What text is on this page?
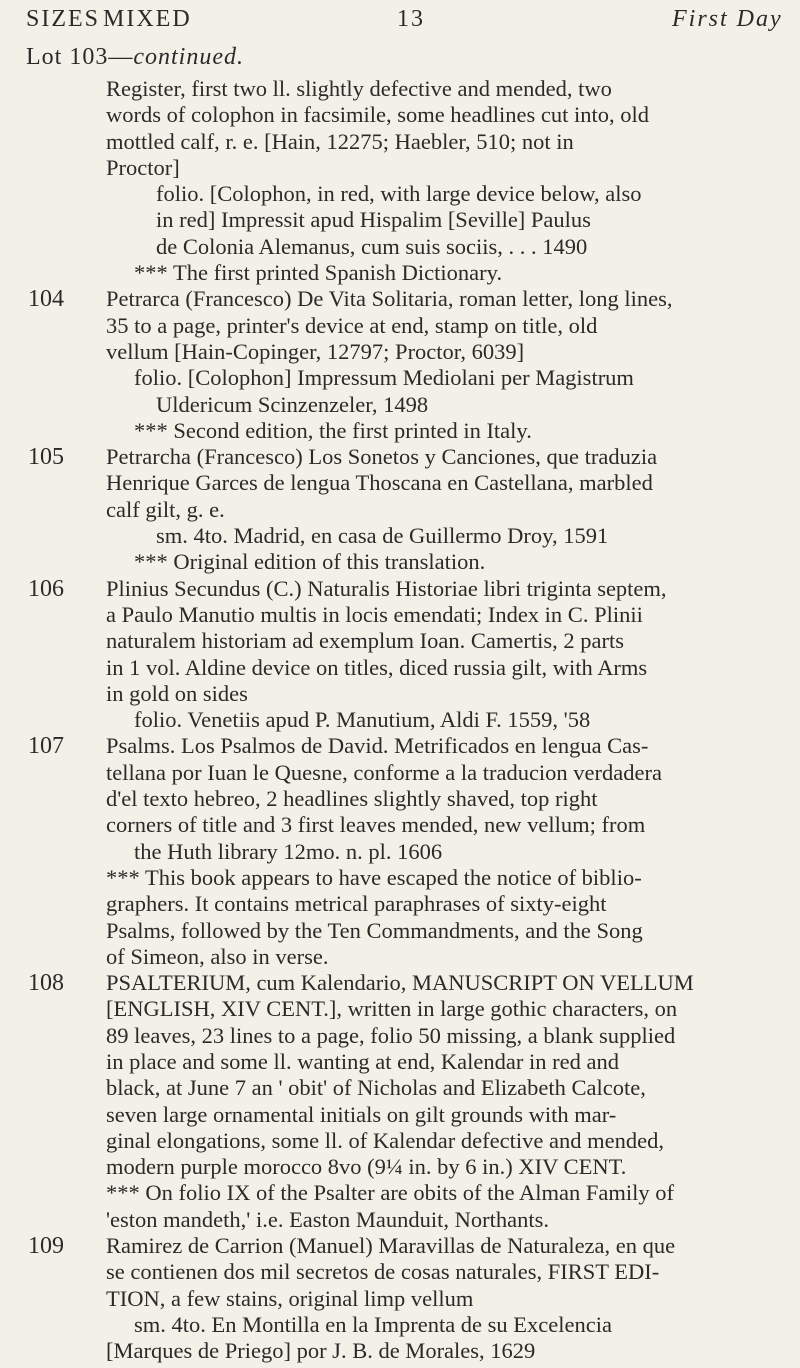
SIZES MIXED	13	First Day
Lot 103—continued.
Register, first two ll. slightly defective and mended, two
words of colophon in facsimile, some headlines cut into, old
mottled calf, r. e. [Hain, 12275; Haebler, 510; not in
Proctor]
folio. [Colophon, in red, with large device below, also
in red] Impressit apud Hispalim [Seville] Paulus
de Colonia Alemanus, cum suis sociis, . . . 1490
*** The first printed Spanish Dictionary.
104	Petrarca (Francesco) De Vita Solitaria, roman letter, long lines,
35 to a page, printer's device at end, stamp on title, old
vellum [Hain-Copinger, 12797; Proctor, 6039]
folio. [Colophon] Impressum Mediolani per Magistrum
Uldericum Scinzenzeler, 1498
*** Second edition, the first printed in Italy.
105	Petrarcha (Francesco) Los Sonetos y Canciones, que traduzia
Henrique Garces de lengua Thoscana en Castellana, marbled
calf gilt, g. e.
sm. 4to. Madrid, en casa de Guillermo Droy, 1591
*** Original edition of this translation.
106	Plinius Secundus (C.) Naturalis Historiae libri triginta septem,
a Paulo Manutio multis in locis emendati; Index in C. Plinii
naturalem historiam ad exemplum Ioan. Camertis, 2 parts
in 1 vol. Aldine device on titles, diced russia gilt, with Arms
in gold on sides
folio. Venetiis apud P. Manutium, Aldi F. 1559, '58
107	Psalms. Los Psalmos de David. Metrificados en lengua Cas-
tellana por Iuan le Quesne, conforme a la traducion verdadera
d'el texto hebreo, 2 headlines slightly shaved, top right
corners of title and 3 first leaves mended, new vellum; from
the Huth library 12mo. n. pl. 1606
*** This book appears to have escaped the notice of biblio-
graphers. It contains metrical paraphrases of sixty-eight
Psalms, followed by the Ten Commandments, and the Song
of Simeon, also in verse.
108	PSALTERIUM, cum Kalendario, MANUSCRIPT ON VELLUM
[ENGLISH, XIV CENT.], written in large gothic characters, on
89 leaves, 23 lines to a page, folio 50 missing, a blank supplied
in place and some ll. wanting at end, Kalendar in red and
black, at June 7 an ' obit' of Nicholas and Elizabeth Calcote,
seven large ornamental initials on gilt grounds with mar-
ginal elongations, some ll. of Kalendar defective and mended,
modern purple morocco 8vo (9¼ in. by 6 in.) XIV CENT.
*** On folio IX of the Psalter are obits of the Alman Family of
'eston mandeth,' i.e. Easton Maunduit, Northants.
109	Ramirez de Carrion (Manuel) Maravillas de Naturaleza, en que
se contienen dos mil secretos de cosas naturales, FIRST EDI-
TION, a few stains, original limp vellum
sm. 4to. En Montilla en la Imprenta de su Excelencia
[Marques de Priego] por J. B. de Morales, 1629
